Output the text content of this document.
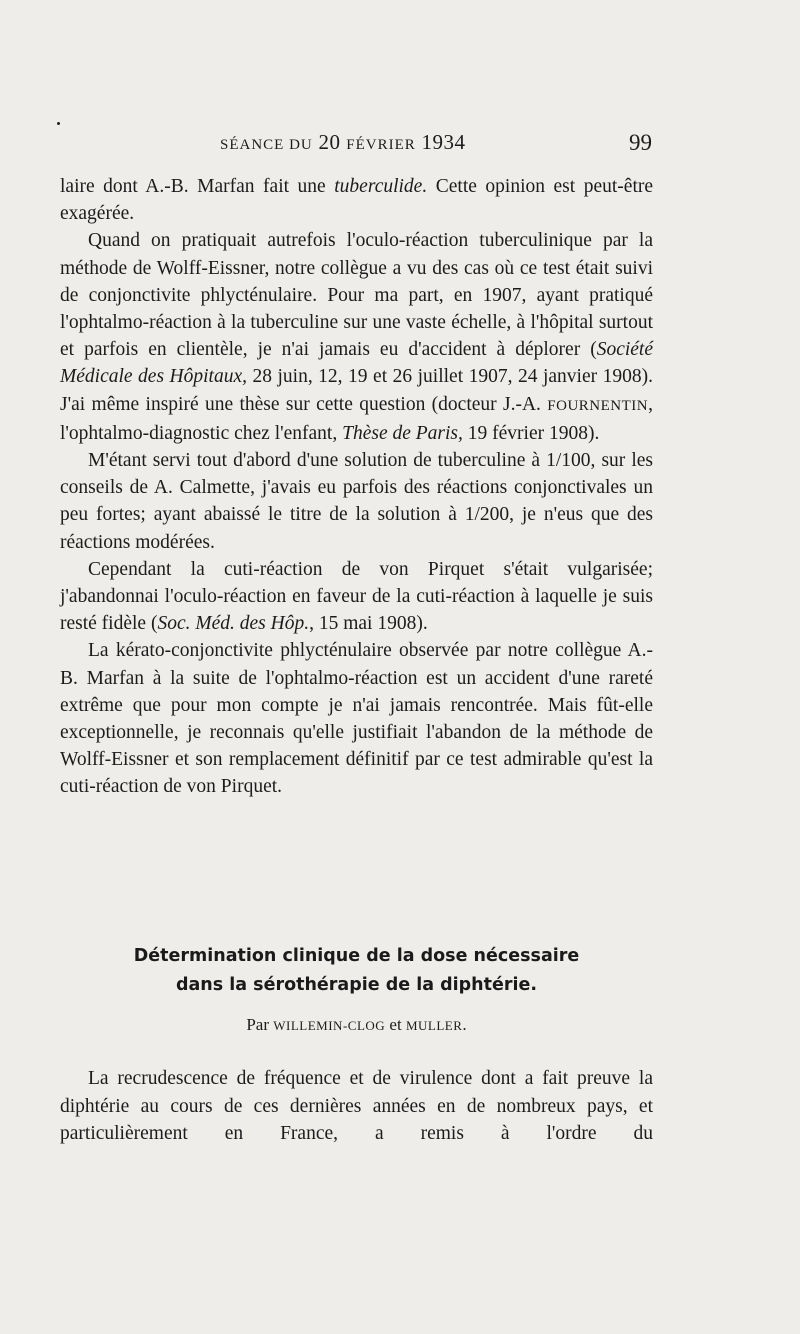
SÉANCE DU 20 FÉVRIER 1934	99

laire dont A.-B. Marfan fait une tuberculide. Cette opinion est peut-être exagérée.

Quand on pratiquait autrefois l'oculo-réaction tuberculinique par la méthode de Wolff-Eissner, notre collègue a vu des cas où ce test était suivi de conjonctivite phlycténulaire. Pour ma part, en 1907, ayant pratiqué l'ophtalmo-réaction à la tuberculine sur une vaste échelle, à l'hôpital surtout et parfois en clientèle, je n'ai jamais eu d'accident à déplorer (Société Médicale des Hôpitaux, 28 juin, 12, 19 et 26 juillet 1907, 24 janvier 1908). J'ai même inspiré une thèse sur cette question (docteur J.-A. FOURNENTIN, l'ophtalmo-diagnostic chez l'enfant, Thèse de Paris, 19 février 1908).

M'étant servi tout d'abord d'une solution de tuberculine à 1/100, sur les conseils de A. Calmette, j'avais eu parfois des réactions conjonctivales un peu fortes; ayant abaissé le titre de la solution à 1/200, je n'eus que des réactions modérées.

Cependant la cuti-réaction de von Pirquet s'était vulgarisée; j'abandonnai l'oculo-réaction en faveur de la cuti-réaction à laquelle je suis resté fidèle (Soc. Méd. des Hôp., 15 mai 1908).

La kérato-conjonctivite phlycténulaire observée par notre collègue A.-B. Marfan à la suite de l'ophtalmo-réaction est un accident d'une rareté extrême que pour mon compte je n'ai jamais rencontrée. Mais fût-elle exceptionnelle, je reconnais qu'elle justifiait l'abandon de la méthode de Wolff-Eissner et son remplacement définitif par ce test admirable qu'est la cuti-réaction de von Pirquet.

Détermination clinique de la dose nécessaire
dans la sérothérapie de la diphtérie.
Par WILLEMIN-CLOG et MULLER.

La recrudescence de fréquence et de virulence dont a fait preuve la diphtérie au cours de ces dernières années en de nombreux pays, et particulièrement en France, a remis à l'ordre du
